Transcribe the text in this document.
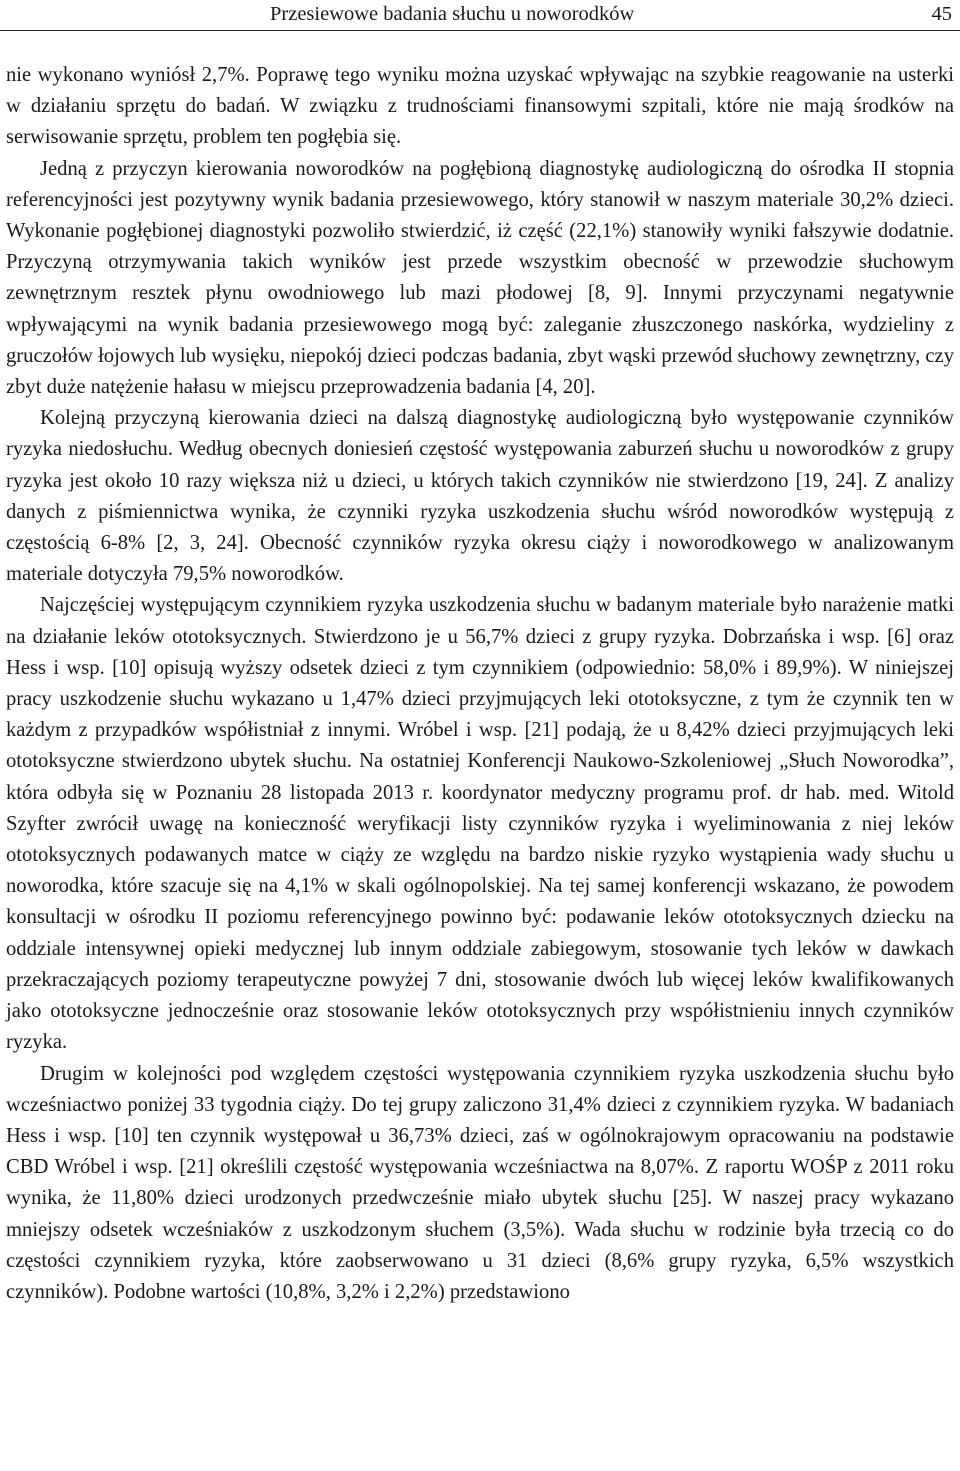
Przesiewowe badania słuchu u noworodków	45

nie wykonano wyniósł 2,7%. Poprawę tego wyniku można uzyskać wpływając na szybkie reagowanie na usterki w działaniu sprzętu do badań. W związku z trudnościami finansowymi szpitali, które nie mają środków na serwisowanie sprzętu, problem ten pogłębia się.

Jedną z przyczyn kierowania noworodków na pogłębioną diagnostykę audiologiczną do ośrodka II stopnia referencyjności jest pozytywny wynik badania przesiewowego, który stanowił w naszym materiale 30,2% dzieci. Wykonanie pogłębionej diagnostyki pozwoliło stwierdzić, iż część (22,1%) stanowiły wyniki fałszywie dodatnie. Przyczyną otrzymywania takich wyników jest przede wszystkim obecność w przewodzie słuchowym zewnętrznym resztek płynu owodniowego lub mazi płodowej [8, 9]. Innymi przyczynami negatywnie wpływającymi na wynik badania przesiewowego mogą być: zaleganie złuszczonego naskórka, wydzieliny z gruczołów łojowych lub wysięku, niepokój dzieci podczas badania, zbyt wąski przewód słuchowy zewnętrzny, czy zbyt duże natężenie hałasu w miejscu przeprowadzenia badania [4, 20].

Kolejną przyczyną kierowania dzieci na dalszą diagnostykę audiologiczną było występowanie czynników ryzyka niedosłuchu. Według obecnych doniesień częstość występowania zaburzeń słuchu u noworodków z grupy ryzyka jest około 10 razy większa niż u dzieci, u których takich czynników nie stwierdzono [19, 24]. Z analizy danych z piśmiennictwa wynika, że czynniki ryzyka uszkodzenia słuchu wśród noworodków występują z częstością 6-8% [2, 3, 24]. Obecność czynników ryzyka okresu ciąży i noworodkowego w analizowanym materiale dotyczyła 79,5% noworodków.

Najczęściej występującym czynnikiem ryzyka uszkodzenia słuchu w badanym materiale było narażenie matki na działanie leków ototoksycznych. Stwierdzono je u 56,7% dzieci z grupy ryzyka. Dobrzańska i wsp. [6] oraz Hess i wsp. [10] opisują wyższy odsetek dzieci z tym czynnikiem (odpowiednio: 58,0% i 89,9%). W niniejszej pracy uszkodzenie słuchu wykazano u 1,47% dzieci przyjmujących leki ototoksyczne, z tym że czynnik ten w każdym z przypadków współistniał z innymi. Wróbel i wsp. [21] podają, że u 8,42% dzieci przyjmujących leki ototoksyczne stwierdzono ubytek słuchu. Na ostatniej Konferencji Naukowo-Szkoleniowej „Słuch Noworodka”, która odbyła się w Poznaniu 28 listopada 2013 r. koordynator medyczny programu prof. dr hab. med. Witold Szyfter zwrócił uwagę na konieczność weryfikacji listy czynników ryzyka i wyeliminowania z niej leków ototoksycznych podawanych matce w ciąży ze względu na bardzo niskie ryzyko wystąpienia wady słuchu u noworodka, które szacuje się na 4,1% w skali ogólnopolskiej. Na tej samej konferencji wskazano, że powodem konsultacji w ośrodku II poziomu referencyjnego powinno być: podawanie leków ototoksycznych dziecku na oddziale intensywnej opieki medycznej lub innym oddziale zabiegowym, stosowanie tych leków w dawkach przekraczających poziomy terapeutyczne powyżej 7 dni, stosowanie dwóch lub więcej leków kwalifikowanych jako ototoksyczne jednocześnie oraz stosowanie leków ototoksycznych przy współistnieniu innych czynników ryzyka.

Drugim w kolejności pod względem częstości występowania czynnikiem ryzyka uszkodzenia słuchu było wcześniactwo poniżej 33 tygodnia ciąży. Do tej grupy zaliczono 31,4% dzieci z czynnikiem ryzyka. W badaniach Hess i wsp. [10] ten czynnik występował u 36,73% dzieci, zaś w ogólnokrajowym opracowaniu na podstawie CBD Wróbel i wsp. [21] określili częstość występowania wcześniactwa na 8,07%. Z raportu WOŚP z 2011 roku wynika, że 11,80% dzieci urodzonych przedwcześnie miało ubytek słuchu [25]. W naszej pracy wykazano mniejszy odsetek wcześniaków z uszkodzonym słuchem (3,5%). Wada słuchu w rodzinie była trzecią co do częstości czynnikiem ryzyka, które zaobserwowano u 31 dzieci (8,6% grupy ryzyka, 6,5% wszystkich czynników). Podobne wartości (10,8%, 3,2% i 2,2%) przedstawiono
